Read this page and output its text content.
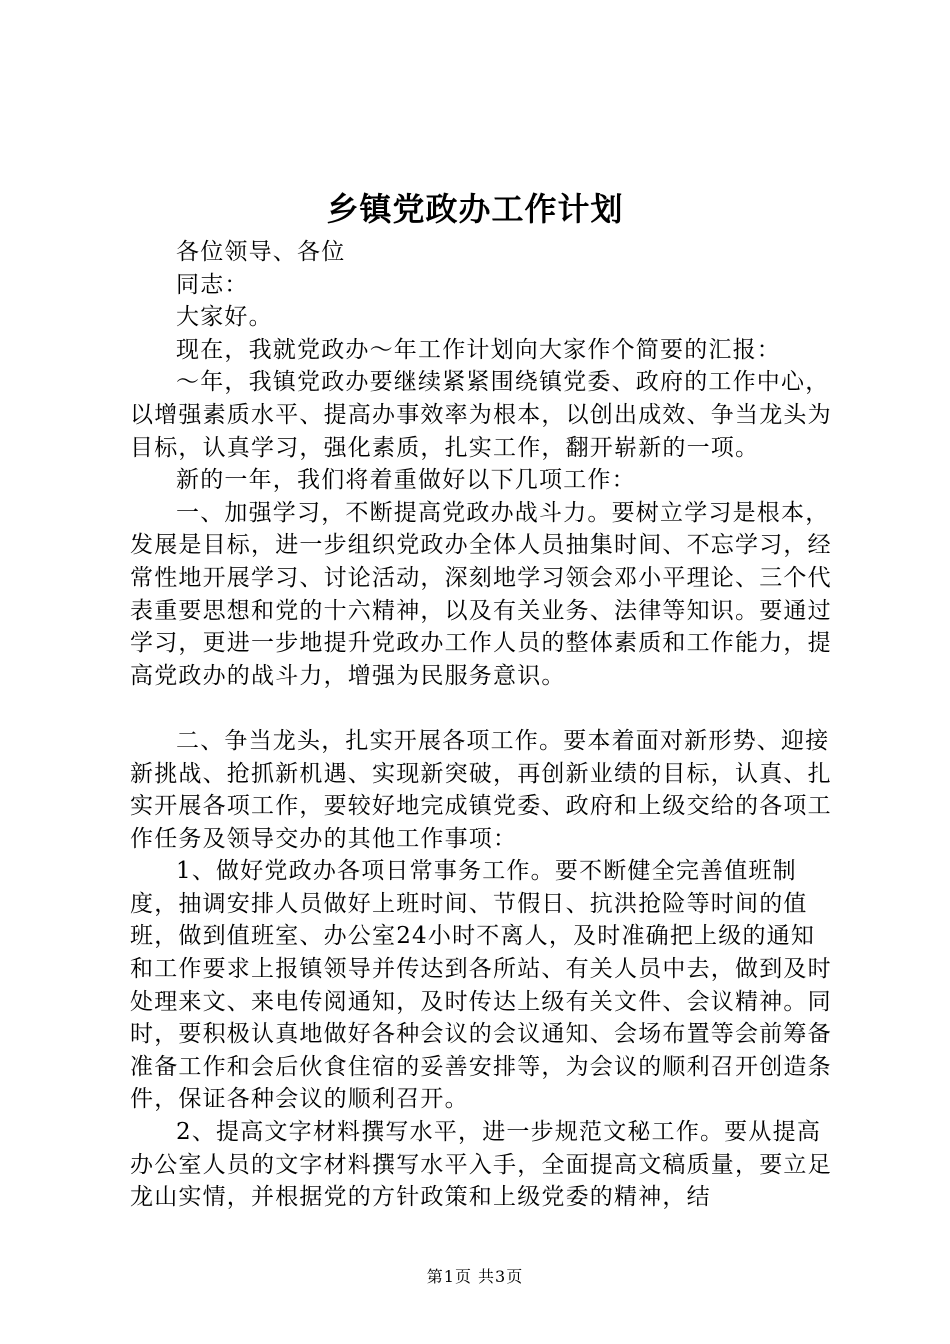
乡镇党政办工作计划

各位领导、各位

同志：

大家好。

现在，我就党政办～年工作计划向大家作个简要的汇报：

～年，我镇党政办要继续紧紧围绕镇党委、政府的工作中心，以增强素质水平、提高办事效率为根本，以创出成效、争当龙头为目标，认真学习，强化素质，扎实工作，翻开崭新的一项。

新的一年，我们将着重做好以下几项工作：

一、加强学习，不断提高党政办战斗力。要树立学习是根本，发展是目标，进一步组织党政办全体人员抽集时间、不忘学习，经常性地开展学习、讨论活动，深刻地学习领会邓小平理论、三个代表重要思想和党的十六精神，以及有关业务、法律等知识。要通过学习，更进一步地提升党政办工作人员的整体素质和工作能力，提高党政办的战斗力，增强为民服务意识。

二、争当龙头，扎实开展各项工作。要本着面对新形势、迎接新挑战、抢抓新机遇、实现新突破，再创新业绩的目标，认真、扎实开展各项工作，要较好地完成镇党委、政府和上级交给的各项工作任务及领导交办的其他工作事项：

1、做好党政办各项日常事务工作。要不断健全完善值班制度，抽调安排人员做好上班时间、节假日、抗洪抢险等时间的值班，做到值班室、办公室24小时不离人，及时准确把上级的通知和工作要求上报镇领导并传达到各所站、有关人员中去，做到及时处理来文、来电传阅通知，及时传达上级有关文件、会议精神。同时，要积极认真地做好各种会议的会议通知、会场布置等会前筹备准备工作和会后伙食住宿的妥善安排等，为会议的顺利召开创造条件，保证各种会议的顺利召开。

2、提高文字材料撰写水平，进一步规范文秘工作。要从提高办公室人员的文字材料撰写水平入手，全面提高文稿质量，要立足龙山实情，并根据党的方针政策和上级党委的精神，结

第1页 共3页
